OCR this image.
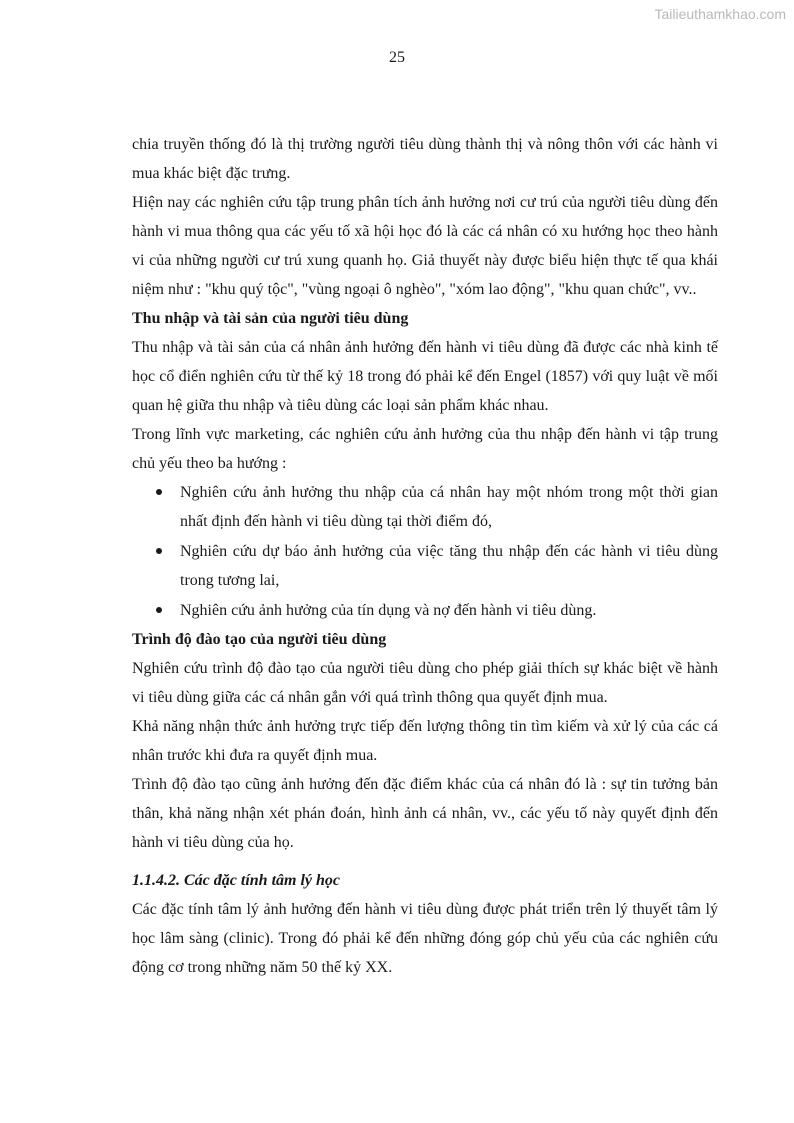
Tailieuthamkhao.com
25

chia truyền thống đó là thị trường người tiêu dùng thành thị và nông thôn với các hành vi mua khác biệt đặc trưng.

Hiện nay các nghiên cứu tập trung phân tích ảnh hưởng nơi cư trú của người tiêu dùng đến hành vi mua thông qua các yếu tố xã hội học đó là các cá nhân có xu hướng học theo hành vi của những người cư trú xung quanh họ. Giả thuyết này được biểu hiện thực tế qua khái niệm như : "khu quý tộc", "vùng ngoại ô nghèo", "xóm lao động", "khu quan chức", vv..

Thu nhập và tài sản của người tiêu dùng

Thu nhập và tài sản của cá nhân ảnh hưởng đến hành vi tiêu dùng đã được các nhà kinh tế học cổ điển nghiên cứu từ thế kỷ 18 trong đó phải kể đến Engel (1857) với quy luật về mối quan hệ giữa thu nhập và tiêu dùng các loại sản phẩm khác nhau.

Trong lĩnh vực marketing, các nghiên cứu ảnh hưởng của thu nhập đến hành vi tập trung chủ yếu theo ba hướng :

Nghiên cứu ảnh hưởng thu nhập của cá nhân hay một nhóm trong một thời gian nhất định đến hành vi tiêu dùng tại thời điểm đó,
Nghiên cứu dự báo ảnh hưởng của việc tăng thu nhập đến các hành vi tiêu dùng trong tương lai,
Nghiên cứu ảnh hưởng của tín dụng và nợ đến hành vi tiêu dùng.
Trình độ đào tạo của người tiêu dùng

Nghiên cứu trình độ đào tạo của người tiêu dùng cho phép giải thích sự khác biệt về hành vi tiêu dùng giữa các cá nhân gắn với quá trình thông qua quyết định mua.

Khả năng nhận thức ảnh hưởng trực tiếp đến lượng thông tin tìm kiếm và xử lý của các cá nhân trước khi đưa ra quyết định mua.

Trình độ đào tạo cũng ảnh hưởng đến đặc điểm khác của cá nhân đó là : sự tin tưởng bản thân, khả năng nhận xét phán đoán, hình ảnh cá nhân, vv., các yếu tố này quyết định đến hành vi tiêu dùng của họ.

1.1.4.2. Các đặc tính tâm lý học

Các đặc tính tâm lý ảnh hưởng đến hành vi tiêu dùng được phát triển trên lý thuyết tâm lý học lâm sàng (clinic). Trong đó phải kể đến những đóng góp chủ yếu của các nghiên cứu động cơ trong những năm 50 thế kỷ XX.
